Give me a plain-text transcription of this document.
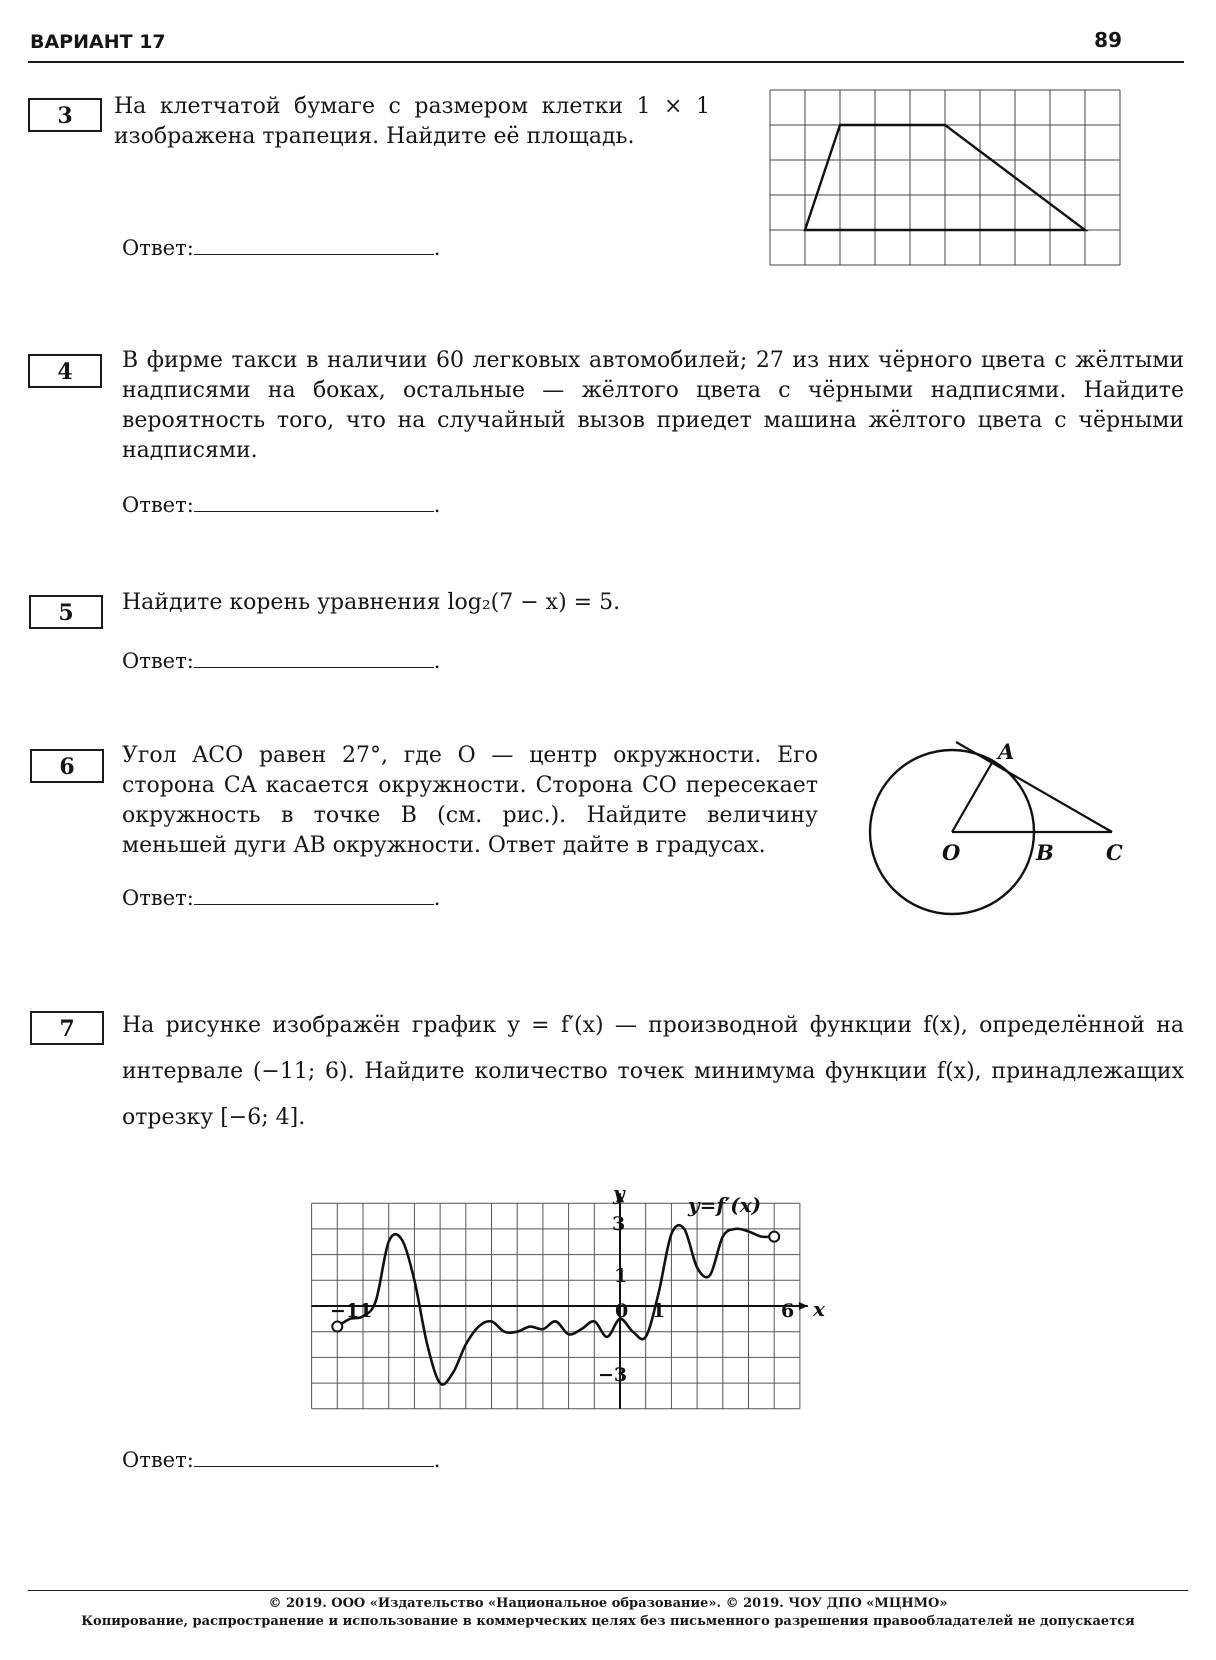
ВАРИАНТ 17	89
3	На клетчатой бумаге с размером клетки 1 × 1 изображена трапеция. Найдите её площадь.
Ответ:	.
4	В фирме такси в наличии 60 легковых автомобилей; 27 из них чёрного цвета с жёлтыми надписями на боках, остальные — жёлтого цвета с чёрными надписями. Найдите вероятность того, что на случайный вызов приедет машина жёлтого цвета с чёрными надписями.
Ответ:	.
5	Найдите корень уравнения log₂(7 − x) = 5.
Ответ:	.
6	Угол ACO равен 27°, где O — центр окружности. Его сторона CA касается окружности. Сторона CO пересекает окружность в точке B (см. рис.). Найдите величину меньшей дуги AB окружности. Ответ дайте в градусах.
A
O	B C
Ответ:	.
7	На рисунке изображён график y = f′(x) — производной функции f(x), определённой на интервале (−11; 6). Найдите количество точек минимума функции f(x), принадлежащих отрезку [−6; 4].
y
x
y=f′(x)
3
1
−3
0 1	6
−11
Ответ:	.
© 2019. ООО «Издательство «Национальное образование». © 2019. ЧОУ ДПО «МЦНМО»
Копирование, распространение и использование в коммерческих целях без письменного разрешения правообладателей не допускается
